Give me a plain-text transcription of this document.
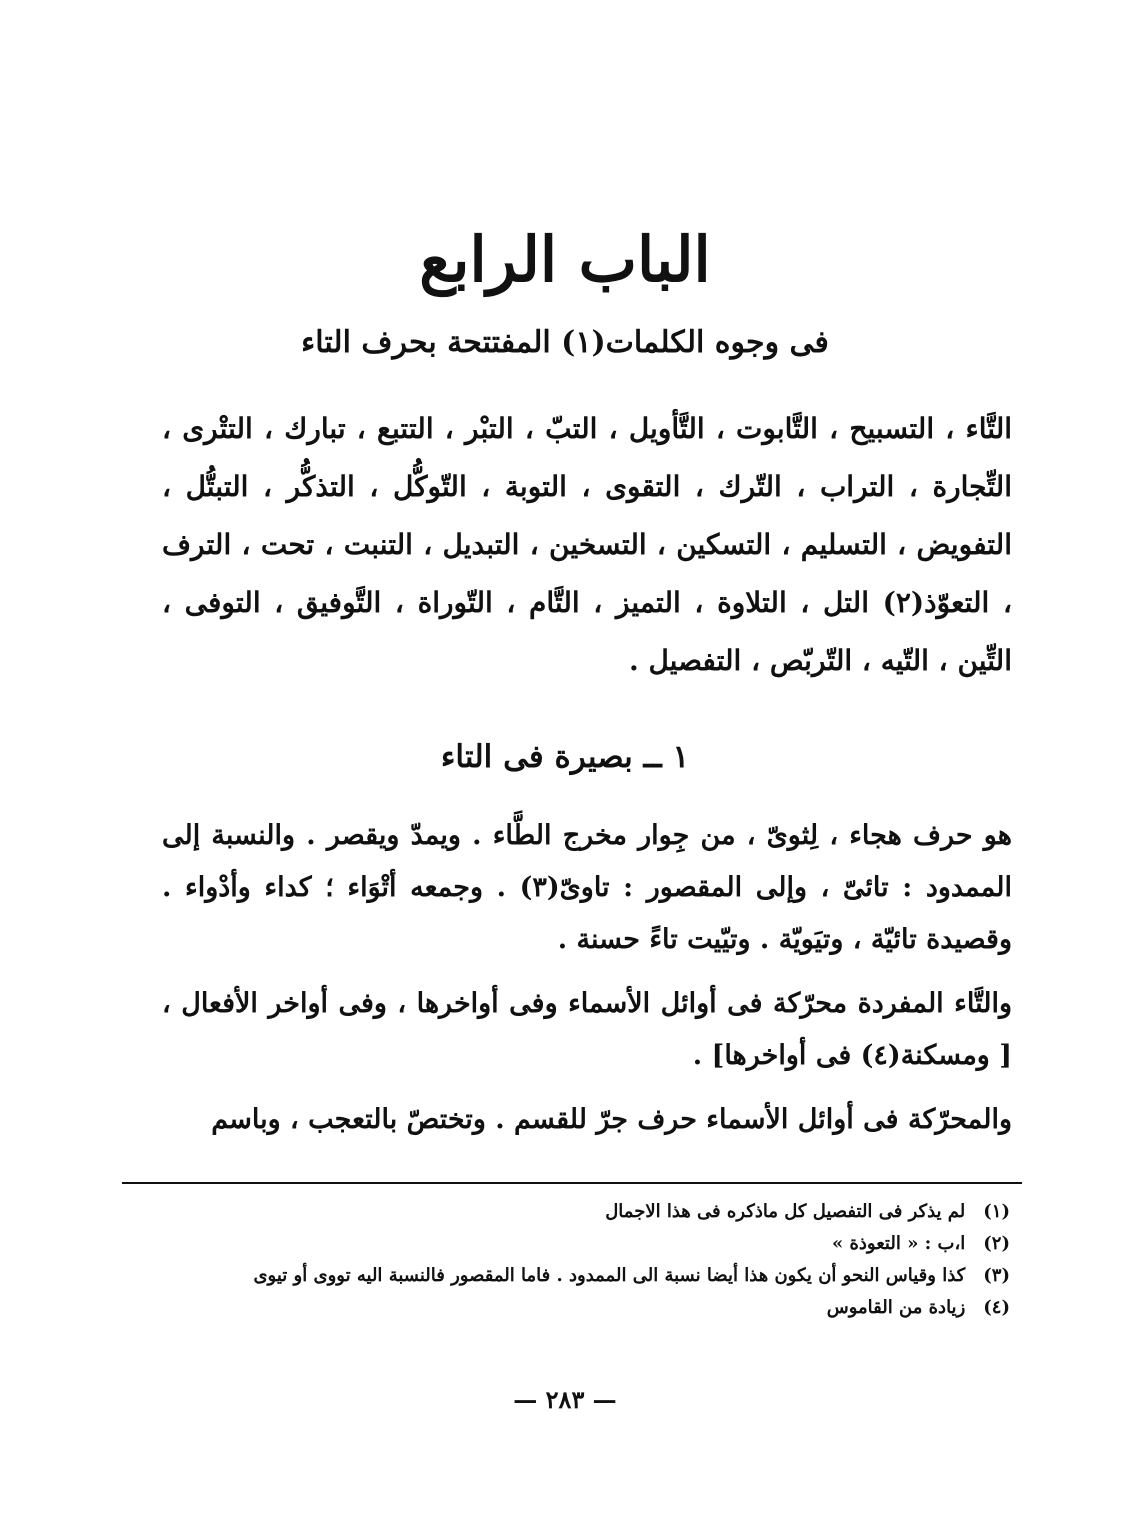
الباب الرابع
فى وجوه الكلمات(١) المفتتحة بحرف التاء
التَّاء ، التسبيح ، التَّابوت ، التَّأويل ، التبّ ، التبْر ، التتبع ، تبارك ، التتْرى ، التِّجارة ، التراب ، التّرك ، التقوى ، التوبة ، التّوكُّل ، التذكُّر ، التبتُّل ، التفويض ، التسليم ، التسكين ، التسخين ، التبديل ، التنبت ، تحت ، الترف ، التعوّذ(٢) التل ، التلاوة ، التميز ، التَّام ، التّوراة ، التَّوفيق ، التوفى ، التِّين ، التّيه ، التّربّص ، التفصيل .
١ ــ بصيرة فى التاء

هو حرف هجاء ، لِثوىّ ، من جِوار مخرج الطَّاء . ويمدّ ويقصر . والنسبة إلى الممدود : تائىّ ، وإلى المقصور : تاوىّ(٣) . وجمعه أتْوَاء ؛ كداء وأدْواء . وقصيدة تائيّة ، وتيَويّة . وتيّيت تاءً حسنة .

والتَّاء المفردة محرّكة فى أوائل الأسماء وفى أواخرها ، وفى أواخر الأفعال ، [ ومسكنة(٤) فى أواخرها] .

والمحرّكة فى أوائل الأسماء حرف جرّ للقسم . وتختصّ بالتعجب ، وباسم

(١)لم يذكر فى التفصيل كل ماذكره فى هذا الاجمال

(٢)ا،ب : « التعوذة »

(٣)كذا وقياس النحو أن يكون هذا أيضا نسبة الى الممدود . فاما المقصور فالنسبة اليه تووى أو تيوى

(٤)زيادة من القاموس

— ٢٨٣ —
